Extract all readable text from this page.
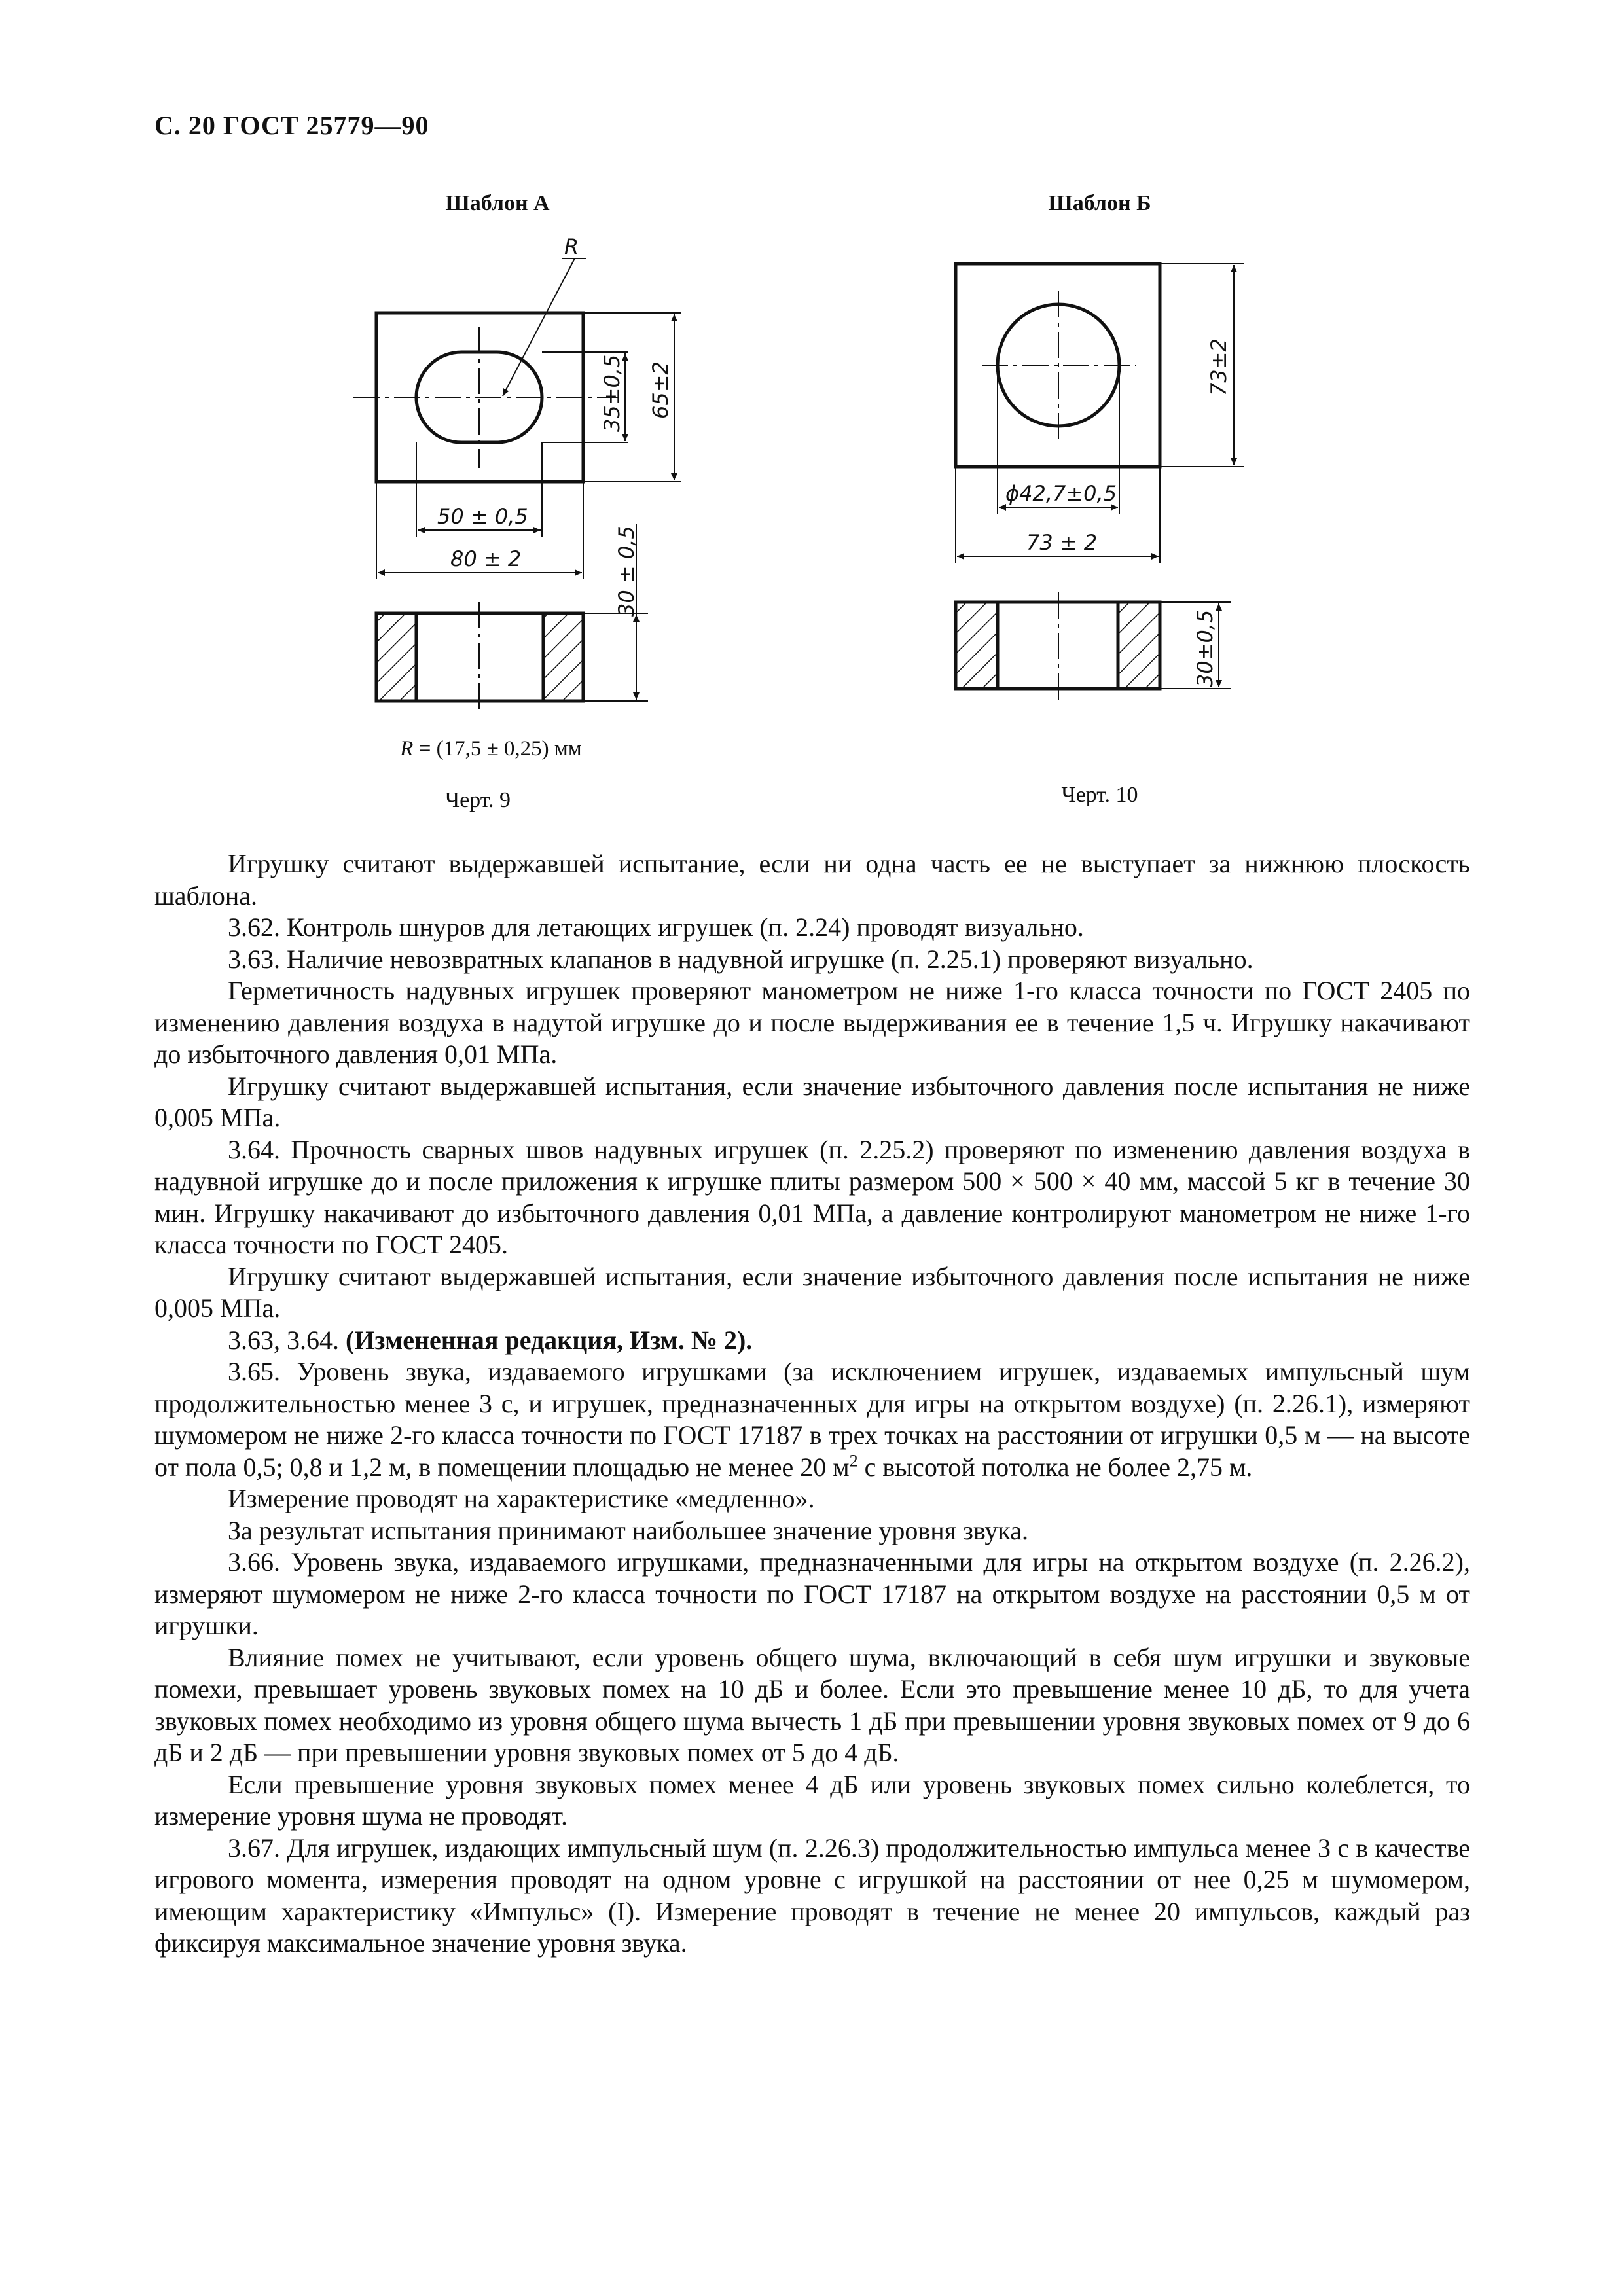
С. 20 ГОСТ 25779—90
Шаблон А	Шаблон Б
R
35±0,5 65±2
50 ± 0,5
80 ± 2	30 ± 0,5
73±2
ϕ42,7±0,5
73 ± 2
30±0,5
R = (17,5 ± 0,25) мм
Черт. 9	Черт. 10

Игрушку считают выдержавшей испытание, если ни одна часть ее не выступает за нижнюю плоскость шаблона.

3.62. Контроль шнуров для летающих игрушек (п. 2.24) проводят визуально.

3.63. Наличие невозвратных клапанов в надувной игрушке (п. 2.25.1) проверяют визуально.

Герметичность надувных игрушек проверяют манометром не ниже 1-го класса точности по ГОСТ 2405 по изменению давления воздуха в надутой игрушке до и после выдерживания ее в течение 1,5 ч. Игрушку накачивают до избыточного давления 0,01 МПа.

Игрушку считают выдержавшей испытания, если значение избыточного давления после испытания не ниже 0,005 МПа.

3.64. Прочность сварных швов надувных игрушек (п. 2.25.2) проверяют по изменению давления воздуха в надувной игрушке до и после приложения к игрушке плиты размером 500 × 500 × 40 мм, массой 5 кг в течение 30 мин. Игрушку накачивают до избыточного давления 0,01 МПа, а давление контролируют манометром не ниже 1-го класса точности по ГОСТ 2405.

Игрушку считают выдержавшей испытания, если значение избыточного давления после испытания не ниже 0,005 МПа.

3.63, 3.64. (Измененная редакция, Изм. № 2).

3.65. Уровень звука, издаваемого игрушками (за исключением игрушек, издаваемых импульсный шум продолжительностью менее 3 с, и игрушек, предназначенных для игры на открытом воздухе) (п. 2.26.1), измеряют шумомером не ниже 2-го класса точности по ГОСТ 17187 в трех точках на расстоянии от игрушки 0,5 м — на высоте от пола 0,5; 0,8 и 1,2 м, в помещении площадью не менее 20 $м^2$ с высотой потолка не более 2,75 м.

Измерение проводят на характеристике «медленно».

За результат испытания принимают наибольшее значение уровня звука.

3.66. Уровень звука, издаваемого игрушками, предназначенными для игры на открытом воздухе (п. 2.26.2), измеряют шумомером не ниже 2-го класса точности по ГОСТ 17187 на открытом воздухе на расстоянии 0,5 м от игрушки.

Влияние помех не учитывают, если уровень общего шума, включающий в себя шум игрушки и звуковые помехи, превышает уровень звуковых помех на 10 дБ и более. Если это превышение менее 10 дБ, то для учета звуковых помех необходимо из уровня общего шума вычесть 1 дБ при превышении уровня звуковых помех от 9 до 6 дБ и 2 дБ — при превышении уровня звуковых помех от 5 до 4 дБ.

Если превышение уровня звуковых помех менее 4 дБ или уровень звуковых помех сильно колеблется, то измерение уровня шума не проводят.

3.67. Для игрушек, издающих импульсный шум (п. 2.26.3) продолжительностью импульса менее 3 с в качестве игрового момента, измерения проводят на одном уровне с игрушкой на расстоянии от нее 0,25 м шумомером, имеющим характеристику «Импульс» (I). Измерение проводят в течение не менее 20 импульсов, каждый раз фиксируя максимальное значение уровня звука.
